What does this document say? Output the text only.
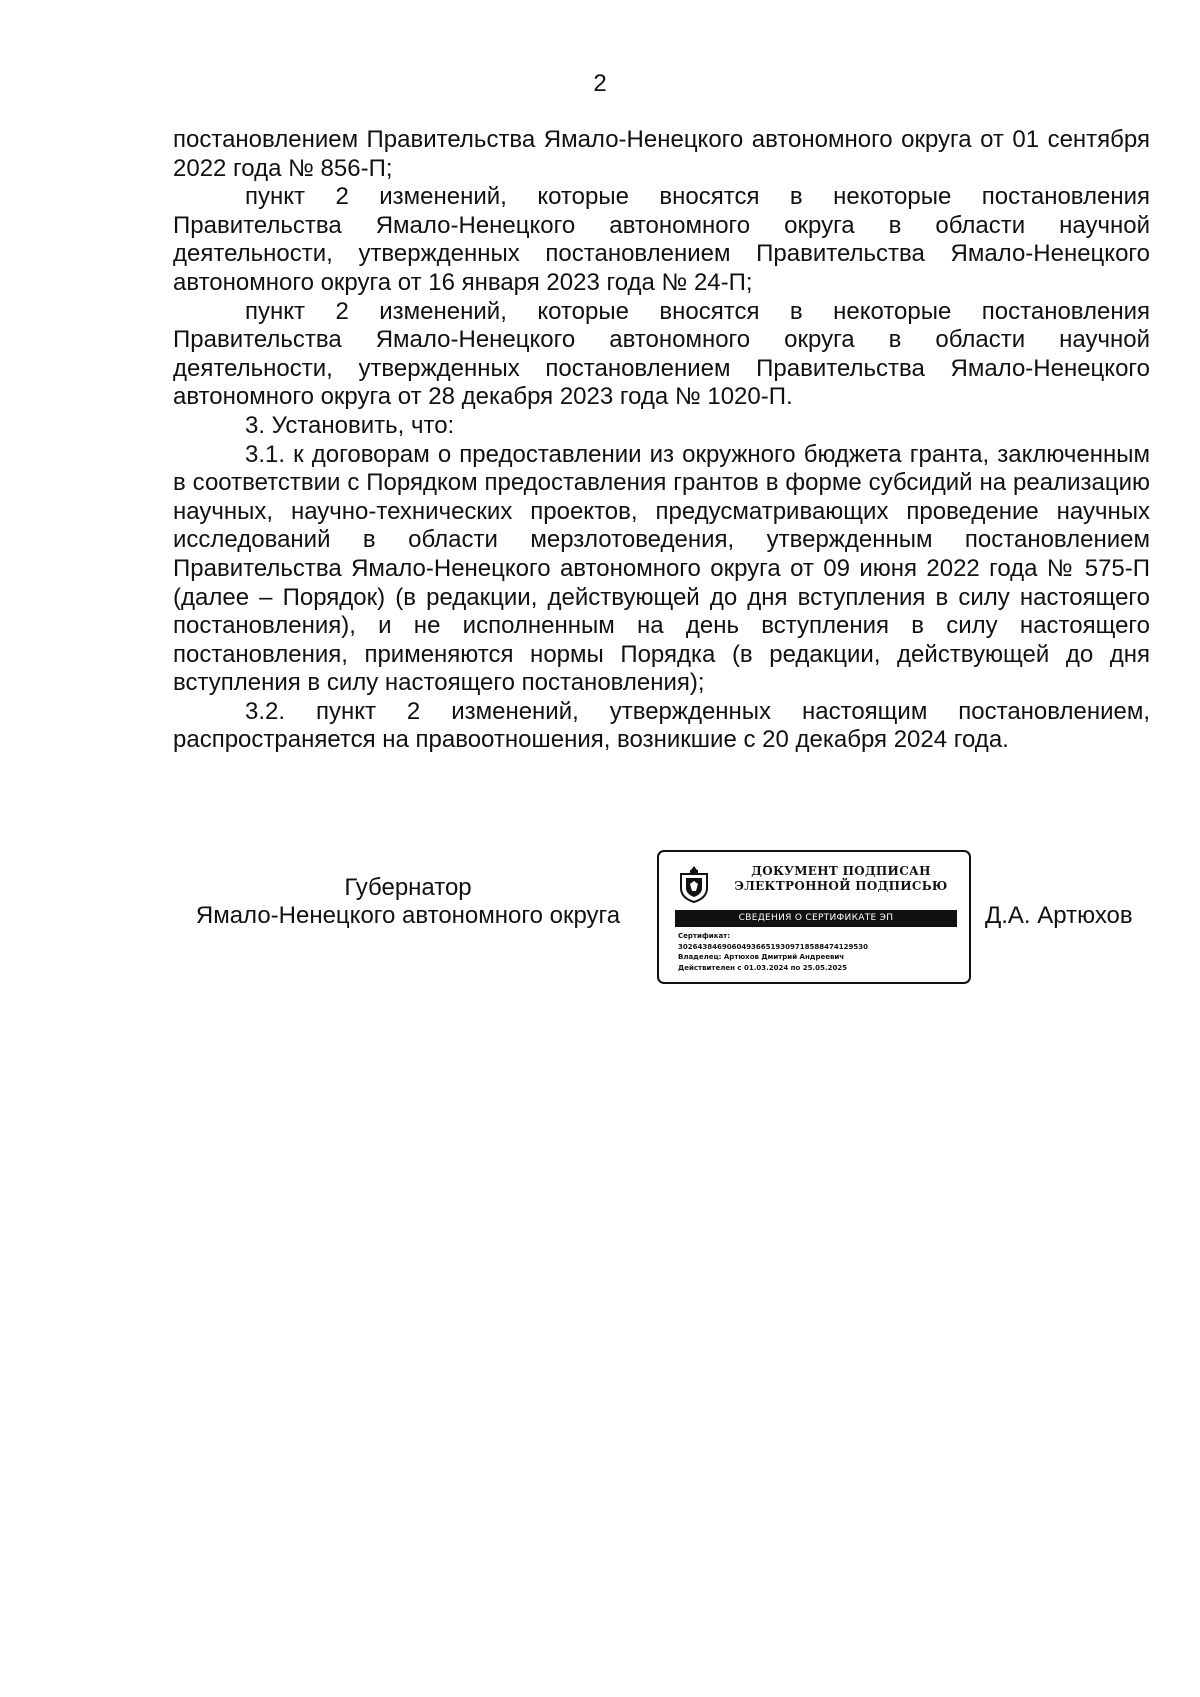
2

постановлением Правительства Ямало-Ненецкого автономного округа от 01 сентября 2022 года № 856-П;

пункт 2 изменений, которые вносятся в некоторые постановления Правительства Ямало-Ненецкого автономного округа в области научной деятельности, утвержденных постановлением Правительства Ямало-Ненецкого автономного округа от 16 января 2023 года № 24-П;

пункт 2 изменений, которые вносятся в некоторые постановления Правительства Ямало-Ненецкого автономного округа в области научной деятельности, утвержденных постановлением Правительства Ямало-Ненецкого автономного округа от 28 декабря 2023 года № 1020-П.

3. Установить, что:

3.1. к договорам о предоставлении из окружного бюджета гранта, заключенным в соответствии с Порядком предоставления грантов в форме субсидий на реализацию научных, научно-технических проектов, предусматривающих проведение научных исследований в области мерзлотоведения, утвержденным постановлением Правительства Ямало-Ненецкого автономного округа от 09 июня 2022 года № 575-П (далее – Порядок) (в редакции, действующей до дня вступления в силу настоящего постановления), и не исполненным на день вступления в силу настоящего постановления, применяются нормы Порядка (в редакции, действующей до дня вступления в силу настоящего постановления);

3.2. пункт 2 изменений, утвержденных настоящим постановлением, распространяется на правоотношения, возникшие с 20 декабря 2024 года.

Губернатор
Ямало-Ненецкого автономного округа
ДОКУМЕНТ ПОДПИСАН
ЭЛЕКТРОННОЙ ПОДПИСЬЮ
СВЕДЕНИЯ О СЕРТИФИКАТЕ ЭП
Сертификат:
302643846906049366519309718588474129530
Владелец: Артюхов Дмитрий Андреевич
Действителен с 01.03.2024 по 25.05.2025
Д.А. Артюхов
